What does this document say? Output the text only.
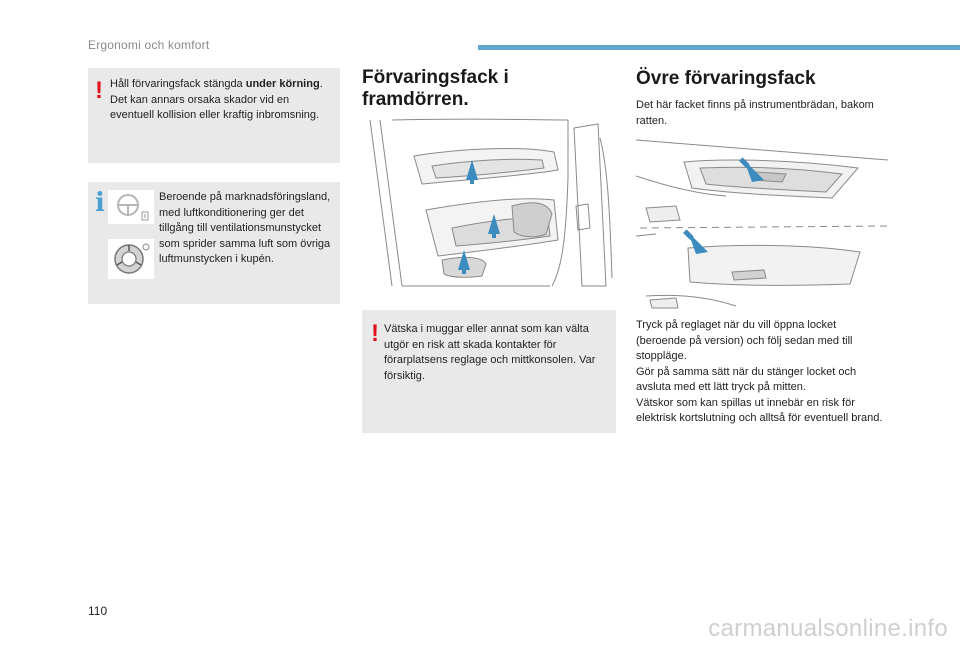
Ergonomi och komfort
! Håll förvaringsfack stängda under körning. Det kan annars orsaka skador vid en eventuell kollision eller kraftig inbromsning.
i	Beroende på marknadsföringsland, med luftkonditionering ger det tillgång till ventilationsmunstycket som sprider samma luft som övriga luftmunstycken i kupén.
Förvaringsfack i
framdörren.
! Vätska i muggar eller annat som kan välta utgör en risk att skada kontakter för förarplatsens reglage och mittkonsolen. Var försiktig.
Övre förvaringsfack
Det här facket finns på instrumentbrädan, bakom ratten.
Tryck på reglaget när du vill öppna locket (beroende på version) och följ sedan med till stoppläge.
Gör på samma sätt när du stänger locket och avsluta med ett lätt tryck på mitten.
Vätskor som kan spillas ut innebär en risk för elektrisk kortslutning och alltså för eventuell brand.
110
carmanualsonline.info
